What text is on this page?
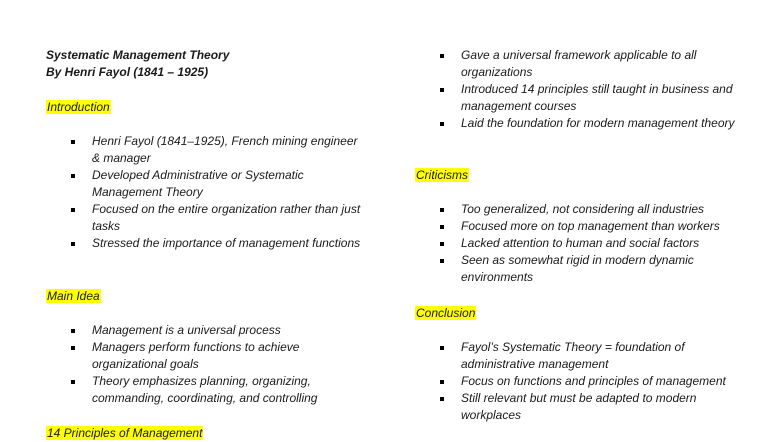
Systematic Management Theory
By Henri Fayol (1841 – 1925)
Introduction
Henri Fayol (1841–1925), French mining engineer & manager
Developed Administrative or Systematic Management Theory
Focused on the entire organization rather than just tasks
Stressed the importance of management functions
Main Idea
Management is a universal process
Managers perform functions to achieve organizational goals
Theory emphasizes planning, organizing, commanding, coordinating, and controlling
14 Principles of Management
Gave a universal framework applicable to all organizations
Introduced 14 principles still taught in business and management courses
Laid the foundation for modern management theory
Criticisms
Too generalized, not considering all industries
Focused more on top management than workers
Lacked attention to human and social factors
Seen as somewhat rigid in modern dynamic environments
Conclusion
Fayol’s Systematic Theory = foundation of administrative management
Focus on functions and principles of management
Still relevant but must be adapted to modern workplaces
